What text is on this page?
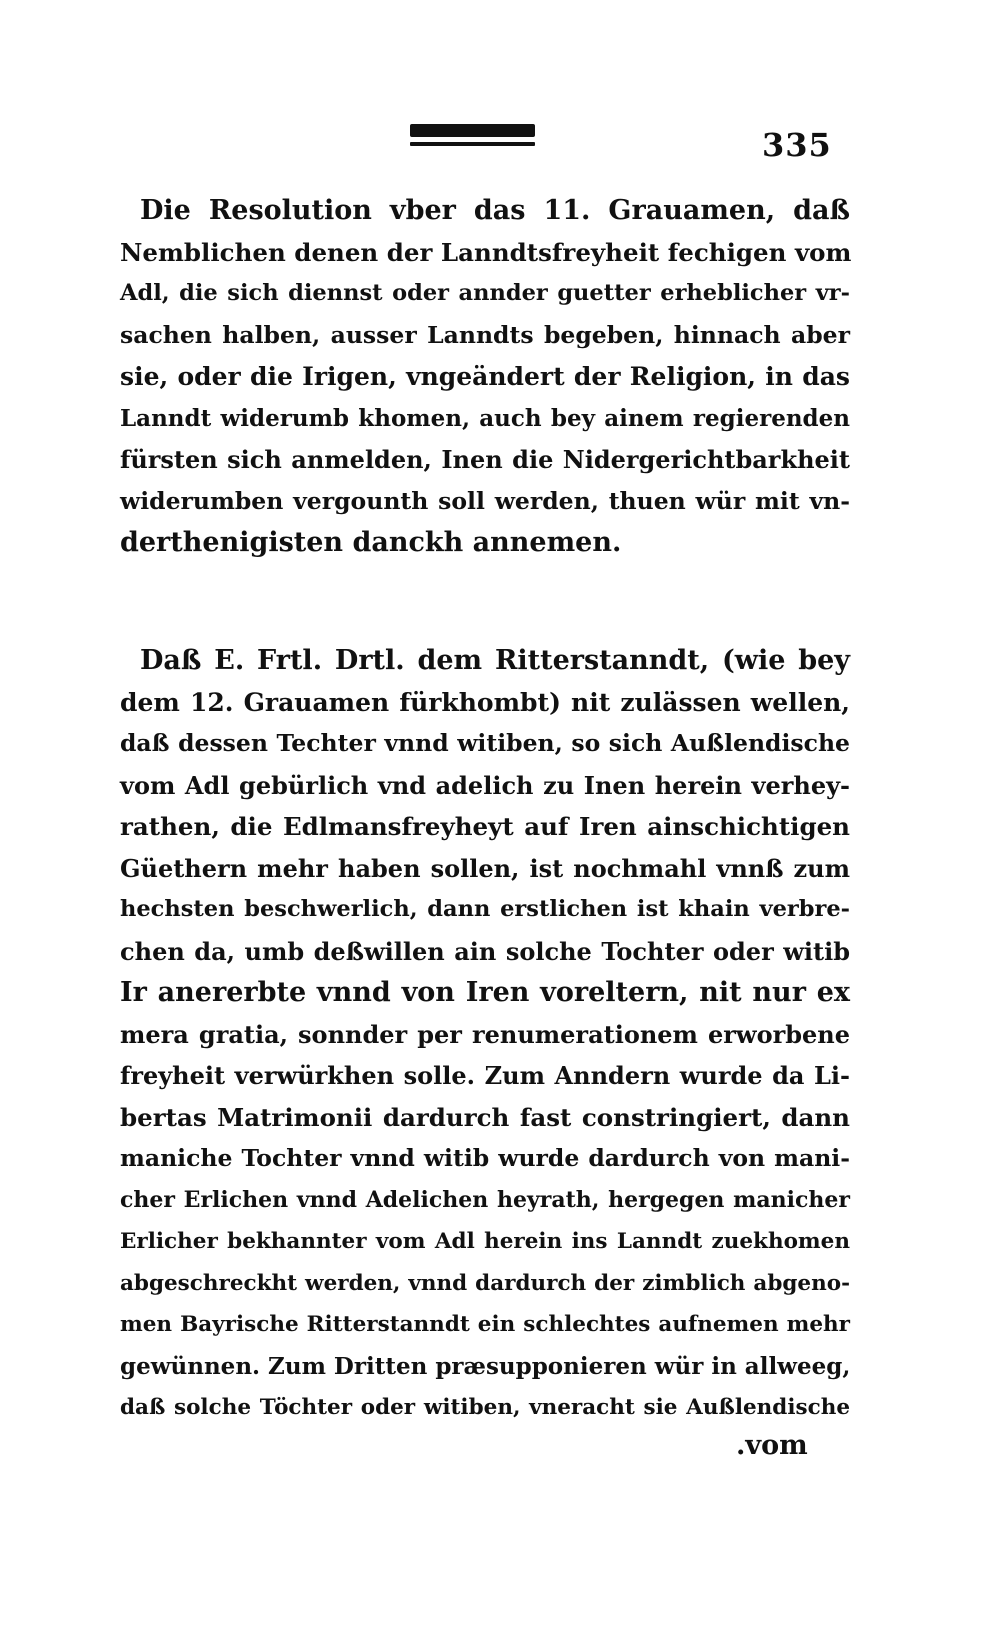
335
Die Resolution vber das 11. Grauamen, daß
Nemblichen denen der Lanndtsfreyheit fechigen vom
Adl, die sich diennst oder annder guetter erheblicher vr-
sachen halben, ausser Lanndts begeben, hinnach aber
sie, oder die Irigen, vngeändert der Religion, in das
Lanndt widerumb khomen, auch bey ainem regierenden
fürsten sich anmelden, Inen die Nidergerichtbarkheit
widerumben vergounth soll werden, thuen wür mit vn-
derthenigisten danckh annemen.
Daß E. Frtl. Drtl. dem Ritterstanndt, (wie bey
dem 12. Grauamen fürkhombt) nit zulässen wellen,
daß dessen Techter vnnd witiben, so sich Außlendische
vom Adl gebürlich vnd adelich zu Inen herein verhey-
rathen, die Edlmansfreyheyt auf Iren ainschichtigen
Güethern mehr haben sollen, ist nochmahl vnnß zum
hechsten beschwerlich, dann erstlichen ist khain verbre-
chen da, umb deßwillen ain solche Tochter oder witib
Ir anererbte vnnd von Iren voreltern, nit nur ex
mera gratia, sonnder per renumerationem erworbene
freyheit verwürkhen solle. Zum Anndern wurde da Li-
bertas Matrimonii dardurch fast constringiert, dann
maniche Tochter vnnd witib wurde dardurch von mani-
cher Erlichen vnnd Adelichen heyrath, hergegen manicher
Erlicher bekhannter vom Adl herein ins Lanndt zuekhomen
abgeschreckht werden, vnnd dardurch der zimblich abgeno-
men Bayrische Ritterstanndt ein schlechtes aufnemen mehr
gewünnen. Zum Dritten præsupponieren wür in allweeg,
daß solche Töchter oder witiben, vneracht sie Außlendische
.vom
